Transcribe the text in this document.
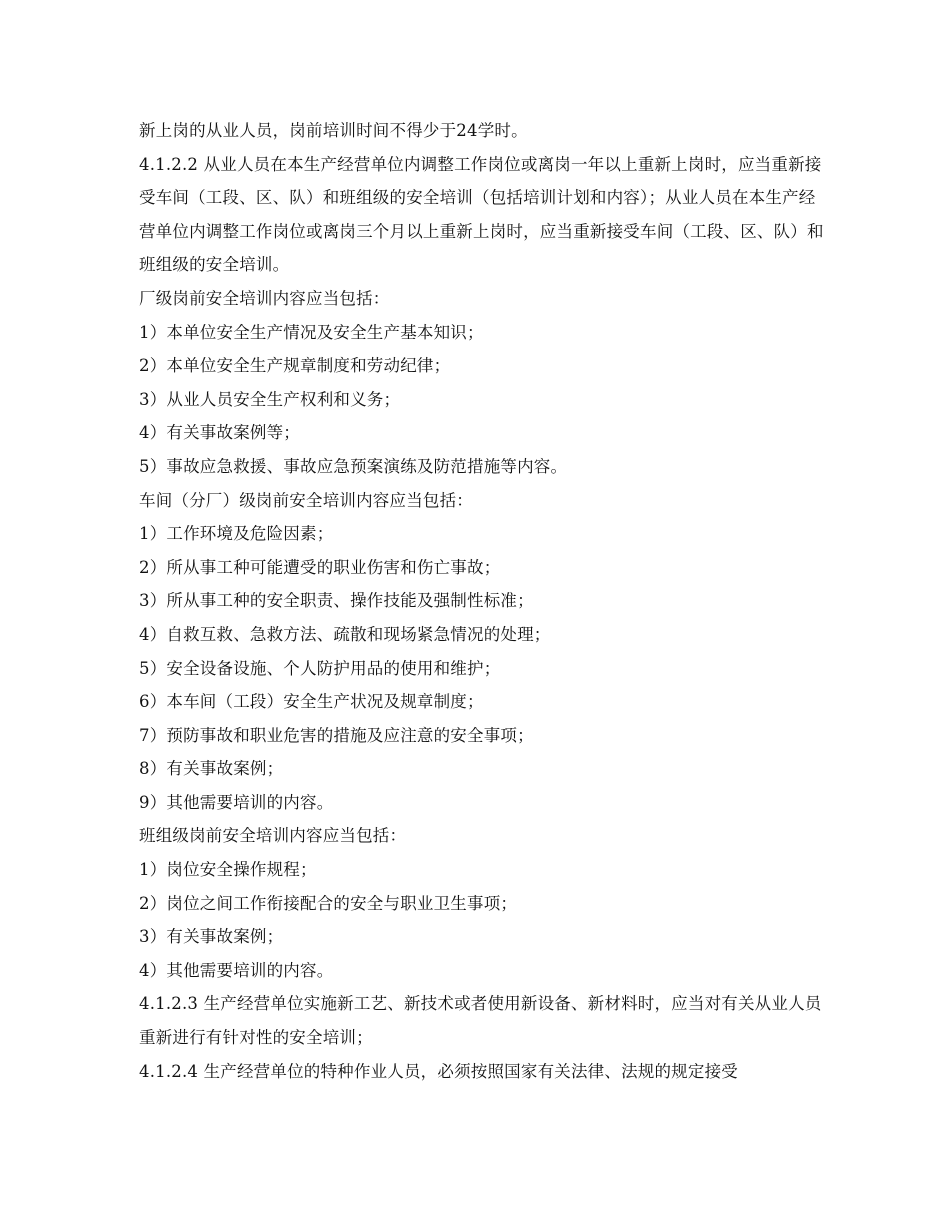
新上岗的从业人员，岗前培训时间不得少于24学时。

4.1.2.2 从业人员在本生产经营单位内调整工作岗位或离岗一年以上重新上岗时，应当重新接受车间（工段、区、队）和班组级的安全培训（包括培训计划和内容）；从业人员在本生产经营单位内调整工作岗位或离岗三个月以上重新上岗时，应当重新接受车间（工段、区、队）和班组级的安全培训。

厂级岗前安全培训内容应当包括：

1）本单位安全生产情况及安全生产基本知识；

2）本单位安全生产规章制度和劳动纪律；

3）从业人员安全生产权利和义务；

4）有关事故案例等；

5）事故应急救援、事故应急预案演练及防范措施等内容。

车间（分厂）级岗前安全培训内容应当包括：

1）工作环境及危险因素；

2）所从事工种可能遭受的职业伤害和伤亡事故；

3）所从事工种的安全职责、操作技能及强制性标准；

4）自救互救、急救方法、疏散和现场紧急情况的处理；

5）安全设备设施、个人防护用品的使用和维护；

6）本车间（工段）安全生产状况及规章制度；

7）预防事故和职业危害的措施及应注意的安全事项；

8）有关事故案例；

9）其他需要培训的内容。

班组级岗前安全培训内容应当包括：

1）岗位安全操作规程；

2）岗位之间工作衔接配合的安全与职业卫生事项；

3）有关事故案例；

4）其他需要培训的内容。

4.1.2.3 生产经营单位实施新工艺、新技术或者使用新设备、新材料时，应当对有关从业人员重新进行有针对性的安全培训；

4.1.2.4 生产经营单位的特种作业人员，必须按照国家有关法律、法规的规定接受
